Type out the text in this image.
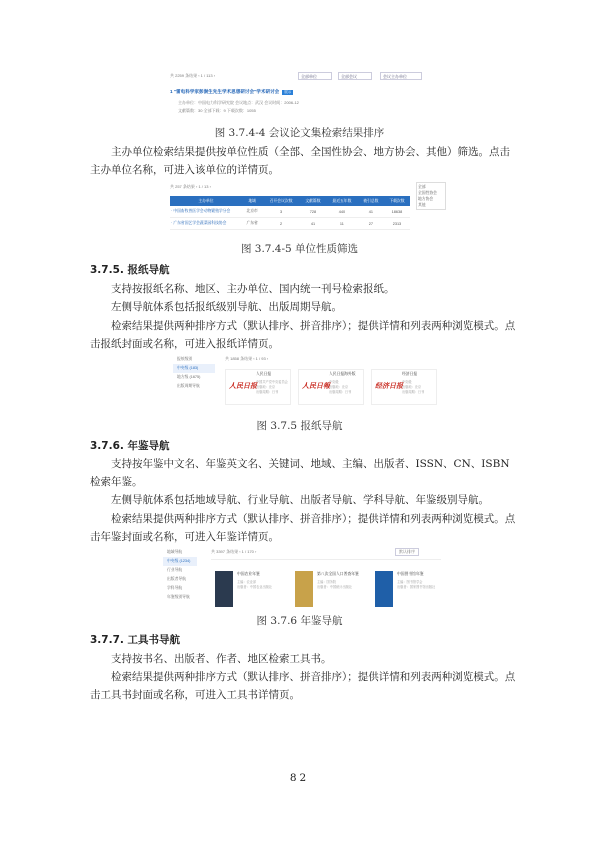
共 2259 条结果 ‹ 1 / 113 ›	全部单位	全部会议	会议主办单位
1 "雷电科学家彭澍生先生学术思想研讨会"学术研讨会 展示
主办单位：中国电力科学研究院 会议地点：武汉 会议时间：2006-12
文献篇数：30 全部下载：9 下载次数：1055
图 3.7.4-4 会议论文集检索结果排序

主办单位检索结果提供按单位性质（全部、全国性协会、地方协会、其他）筛选。点击主办单位名称，可进入该单位的详情页。

共 257 条结果 ‹ 1 / 13 ›
主办单位	地域	召开会议次数	文献篇数	最近五年数	被引总数	下载次数
· 中国畜牧兽医学会动物繁殖学分会	北京市	3	728	440	41	18638
· 广东省国艺学会蔬菜园科技协会	广东省	2	41	11	27	2313
全部
全国性协会
地方协会
其他
图 3.7.4-5 单位性质筛选
3.7.5. 报纸导航

支持按报纸名称、地区、主办单位、国内统一刊号检索报纸。

左侧导航体系包括报纸级别导航、出版周期导航。

检索结果提供两种排序方式（默认排序、拼音排序）；提供详情和列表两种浏览模式。点击报纸封面或名称，可进入报纸详情页。

报纸级别
中央级 (183)
地方级 (1675)
出版周期导航
共 1858 条结果 ‹ 1 / 93 ›
人民日报
人民日报
中国共产党中央委员会
出版地：北京
出版周期：日刊
人民日報
人民日报海外版
中央级
出版地：北京
出版周期：日刊
经济日报
经济日报
中央级
出版地：北京
出版周期：日刊
图 3.7.5 报纸导航
3.7.6. 年鉴导航

支持按年鉴中文名、年鉴英文名、关键词、地域、主编、出版者、ISSN、CN、ISBN 检索年鉴。

左侧导航体系包括地域导航、行业导航、出版者导航、学科导航、年鉴级别导航。

检索结果提供两种排序方式（默认排序、拼音排序）；提供详情和列表两种浏览模式。点击年鉴封面或名称，可进入年鉴详情页。

地域导航
中央级 (1234)
行业导航
出版者导航
学科导航
年鉴级别导航
共 3397 条结果 ‹ 1 / 170 ›	默认排序
中国农业年鉴
主编：农业部
出版者：中国农业出版社
第八次全国人口普查年鉴
主编：国务院
出版者：中国统计出版社
中国图书馆年鉴
主编：图书馆学会
出版者：国家图书馆出版社
图 3.7.6 年鉴导航
3.7.7. 工具书导航

支持按书名、出版者、作者、地区检索工具书。

检索结果提供两种排序方式（默认排序、拼音排序）；提供详情和列表两种浏览模式。点击工具书封面或名称，可进入工具书详情页。

82
